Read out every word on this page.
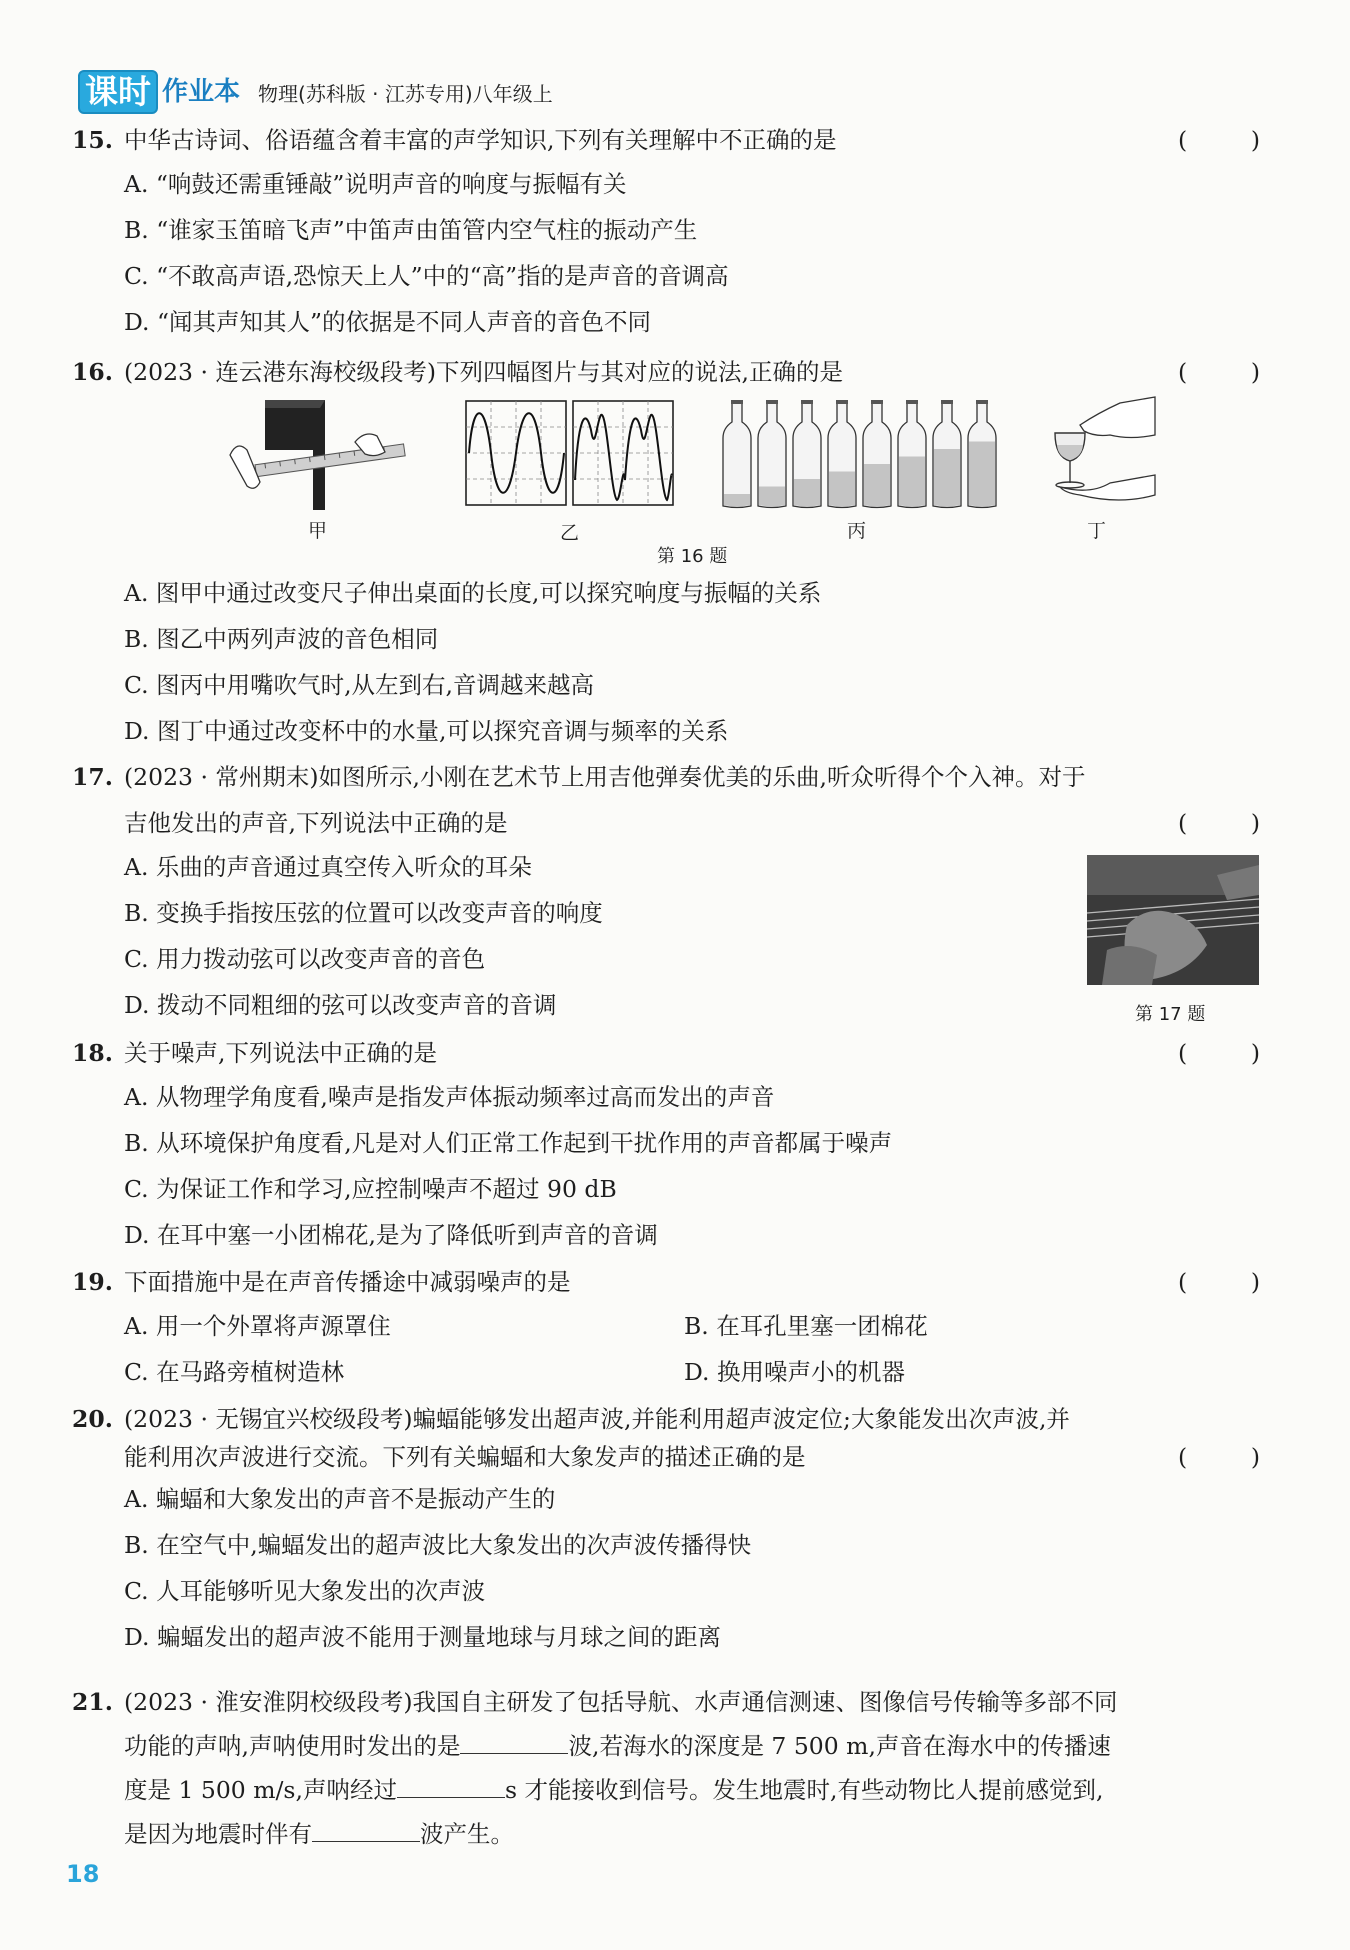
课时 作业本 物理(苏科版 · 江苏专用)八年级上
15. 中华古诗词、俗语蕴含着丰富的声学知识,下列有关理解中不正确的是	(	)
A. “响鼓还需重锤敲”说明声音的响度与振幅有关
B. “谁家玉笛暗飞声”中笛声由笛管内空气柱的振动产生
C. “不敢高声语,恐惊天上人”中的“高”指的是声音的音调高
D. “闻其声知其人”的依据是不同人声音的音色不同
16. (2023 · 连云港东海校级段考)下列四幅图片与其对应的说法,正确的是	(	)
甲	乙	丙	丁
第 16 题
A. 图甲中通过改变尺子伸出桌面的长度,可以探究响度与振幅的关系
B. 图乙中两列声波的音色相同
C. 图丙中用嘴吹气时,从左到右,音调越来越高
D. 图丁中通过改变杯中的水量,可以探究音调与频率的关系
17. (2023 · 常州期末)如图所示,小刚在艺术节上用吉他弹奏优美的乐曲,听众听得个个入神。对于
吉他发出的声音,下列说法中正确的是	(	)
A. 乐曲的声音通过真空传入听众的耳朵
B. 变换手指按压弦的位置可以改变声音的响度
C. 用力拨动弦可以改变声音的音色
D. 拨动不同粗细的弦可以改变声音的音调	第 17 题
18. 关于噪声,下列说法中正确的是	(	)
A. 从物理学角度看,噪声是指发声体振动频率过高而发出的声音
B. 从环境保护角度看,凡是对人们正常工作起到干扰作用的声音都属于噪声
C. 为保证工作和学习,应控制噪声不超过 90 dB
D. 在耳中塞一小团棉花,是为了降低听到声音的音调
19. 下面措施中是在声音传播途中减弱噪声的是	(	)
A. 用一个外罩将声源罩住	B. 在耳孔里塞一团棉花
C. 在马路旁植树造林	D. 换用噪声小的机器
20. (2023 · 无锡宜兴校级段考)蝙蝠能够发出超声波,并能利用超声波定位;大象能发出次声波,并
能利用次声波进行交流。下列有关蝙蝠和大象发声的描述正确的是	(	)
A. 蝙蝠和大象发出的声音不是振动产生的
B. 在空气中,蝙蝠发出的超声波比大象发出的次声波传播得快
C. 人耳能够听见大象发出的次声波
D. 蝙蝠发出的超声波不能用于测量地球与月球之间的距离
21. (2023 · 淮安淮阴校级段考)我国自主研发了包括导航、水声通信测速、图像信号传输等多部不同
功能的声呐,声呐使用时发出的是	波,若海水的深度是 7 500 m,声音在海水中的传播速
度是 1 500 m/s,声呐经过	s 才能接收到信号。发生地震时,有些动物比人提前感觉到,
是因为地震时伴有	波产生。
18
